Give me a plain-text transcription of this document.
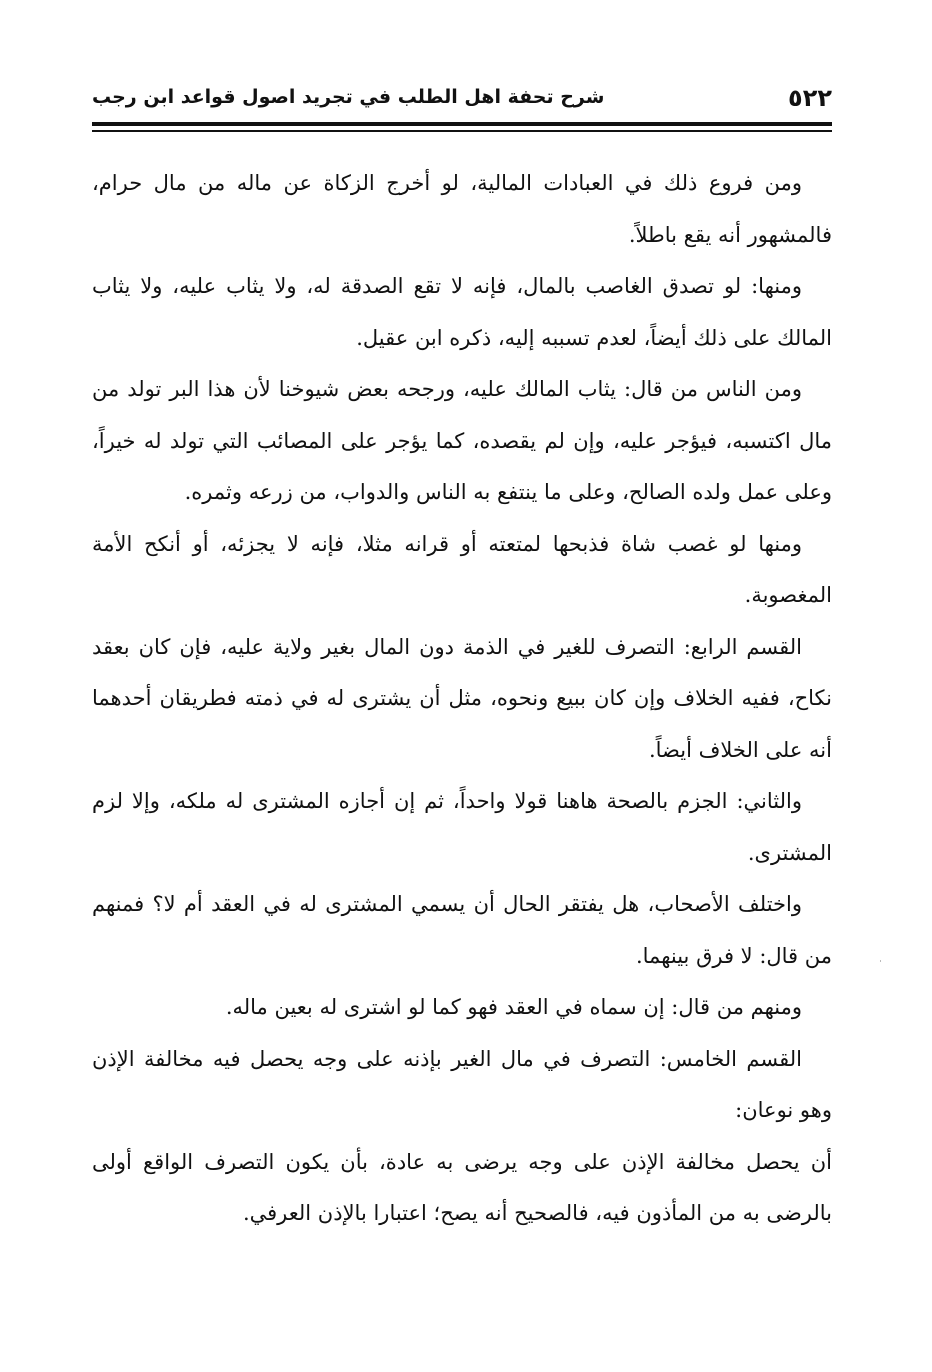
٥٢٢
شرح تحفة اهل الطلب في تجريد اصول قواعد ابن رجب

ومن فروع ذلك في العبادات المالية، لو أخرج الزكاة عن ماله من مال حرام، فالمشهور أنه يقع باطلاً.

ومنها: لو تصدق الغاصب بالمال، فإنه لا تقع الصدقة له، ولا يثاب عليه، ولا يثاب المالك على ذلك أيضاً، لعدم تسببه إليه، ذكره ابن عقيل.

ومن الناس من قال: يثاب المالك عليه، ورجحه بعض شيوخنا لأن هذا البر تولد من مال اكتسبه، فيؤجر عليه، وإن لم يقصده، كما يؤجر على المصائب التي تولد له خيراً، وعلى عمل ولده الصالح، وعلى ما ينتفع به الناس والدواب، من زرعه وثمره.

ومنها لو غصب شاة فذبحها لمتعته أو قرانه مثلا، فإنه لا يجزئه، أو أنكح الأمة المغصوبة.

القسم الرابع: التصرف للغير في الذمة دون المال بغير ولاية عليه، فإن كان بعقد نكاح، ففيه الخلاف وإن كان ببيع ونحوه، مثل أن يشترى له في ذمته فطريقان أحدهما أنه على الخلاف أيضاً.

والثاني: الجزم بالصحة هاهنا قولا واحداً، ثم إن أجازه المشترى له ملكه، وإلا لزم المشترى.

واختلف الأصحاب، هل يفتقر الحال أن يسمي المشترى له في العقد أم لا؟ فمنهم من قال: لا فرق بينهما.

ومنهم من قال: إن سماه في العقد فهو كما لو اشترى له بعين ماله.

القسم الخامس: التصرف في مال الغير بإذنه على وجه يحصل فيه مخالفة الإذن وهو نوعان:

أن يحصل مخالفة الإذن على وجه يرضى به عادة، بأن يكون التصرف الواقع أولى بالرضى به من المأذون فيه، فالصحيح أنه يصح؛ اعتبارا بالإذن العرفي.
